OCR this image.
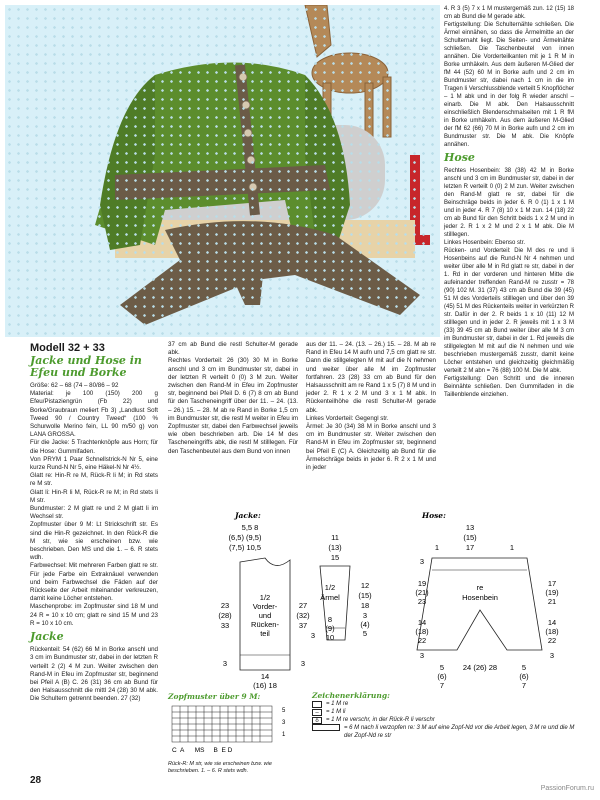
Modell 32 + 33
Jacke und Hose in
Efeu und Borke

Größe: 62 – 68 (74 – 80/86 – 92

Material: je 100 (150) 200 g Efeu/Pistaziengrün (Fb 22) und Borke/Graubraun meliert Fb 3) „Landlust Soft Tweed 90 / Country Tweed“ (100 % Schurwolle Merino fein, LL 90 m/50 g) von LANA GROSSA.

Für die Jacke: 5 Trachtenknöpfe aus Horn; für die Hose: Gummifaden.

Von PRYM 1 Paar Schnellstrick-N Nr 5, eine kurze Rund-N Nr 5, eine Häkel-N Nr 4½.

Glatt re: Hin-R re M, Rück-R li M; in Rd stets re M str.

Glatt li: Hin-R li M, Rück-R re M; in Rd stets li M str.

Bundmuster: 2 M glatt re und 2 M glatt li im Wechsel str.

Zopfmuster über 9 M: Lt Strickschrift str. Es sind die Hin-R gezeichnet. In den Rück-R die M str, wie sie erscheinen bzw. wie beschrieben. Den MS und die 1. – 6. R stets wdh.

Farbwechsel: Mit mehreren Farben glatt re str. Für jede Farbe ein Extraknäuel verwenden und beim Farbwechsel die Fäden auf der Rückseite der Arbeit miteinander verkreuzen, damit keine Löcher entstehen.

Maschenprobe: im Zopfmuster sind 18 M und 24 R = 10 x 10 cm; glatt re sind 15 M und 23 R = 10 x 10 cm.

Jacke

Rückenteil: 54 (62) 66 M in Borke anschl und 3 cm im Bundmuster str, dabei in der letzten R verteilt 2 (2) 4 M zun. Weiter zwischen den Rand-M in Efeu im Zopfmuster str, beginnend bei Pfeil A (B) C. 26 (31) 36 cm ab Bund für den Halsausschnitt die mittl 24 (28) 30 M abk. Die Schultern getrennt beenden. 27 (32)

37 cm ab Bund die restl Schulter-M gerade abk.

Rechtes Vorderteil: 26 (30) 30 M in Borke anschl und 3 cm im Bundmuster str, dabei in der letzten R verteilt 0 (0) 3 M zun. Weiter zwischen den Rand-M in Efeu im Zopfmuster str, beginnend bei Pfeil D. 6 (7) 8 cm ab Bund für den Tascheneingriff über der 11. – 24. (13. – 26.) 15. – 28. M ab re Rand in Borke 1,5 cm im Bundmuster str, die restl M weiter in Efeu im Zopfmuster str, dabei den Farbwechsel jeweils wie oben beschrieben arb. Die 14 M des Tascheneingriffs abk, die restl M stilllegen. Für den Taschenbeutel aus dem Bund von innen

aus der 11. – 24. (13. – 26.) 15. – 28. M ab re Rand in Efeu 14 M aufn und 7,5 cm glatt re str. Dann die stillgelegten M mit auf die N nehmen und weiter über alle M im Zopfmuster fortfahren. 23 (28) 33 cm ab Bund für den Halsausschnitt am re Rand 1 x 5 (7) 8 M und in jeder 2. R 1 x 2 M und 3 x 1 M abk. In Rückenteilhöhe die restl Schulter-M gerade abk.

Linkes Vorderteil: Gegengl str.

Ärmel: Je 30 (34) 38 M in Borke anschl und 3 cm im Bundmuster str. Weiter zwischen den Rand-M in Efeu im Zopfmuster str, beginnend bei Pfeil E (C) A. Gleichzeitig ab Bund für die Ärmelschräge beids in jeder 6. R 2 x 1 M und in jeder

4. R 3 (5) 7 x 1 M mustergemäß zun. 12 (15) 18 cm ab Bund die M gerade abk.

Fertigstellung: Die Schulternähte schließen. Die Ärmel einnähen, so dass die Ärmelmitte an der Schulternaht liegt. Die Seiten- und Ärmelnähte schließen. Die Taschenbeutel von innen annähen. Die Vorderteilkanten mit je 1 R M in Borke umhäkeln. Aus dem äußeren M-Glied der fM 44 (52) 60 M in Borke aufn und 2 cm im Bundmuster str, dabei nach 1 cm in die im Tragen li Verschlussblende verteilt 5 Knopflöcher – 1 M abk und in der folg R wieder anschl – einarb. Die M abk. Den Halsausschnitt einschließlich Blendenschmalseiten mit 1 R fM in Borke umhäkeln. Aus dem äußeren M-Glied der fM 62 (66) 70 M in Borke aufn und 2 cm im Bundmuster str. Die M abk. Die Knöpfe annähen.

Hose

Rechtes Hosenbein: 38 (38) 42 M in Borke anschl und 3 cm im Bundmuster str, dabei in der letzten R verteilt 0 (0) 2 M zun. Weiter zwischen den Rand-M glatt re str, dabei für die Beinschräge beids in jeder 6. R 0 (1) 1 x 1 M und in jeder 4. R 7 (8) 10 x 1 M zun. 14 (18) 22 cm ab Bund für den Schritt beids 1 x 2 M und in jeder 2. R 1 x 2 M und 2 x 1 M abk. Die M stilllegen.

Linkes Hosenbein: Ebenso str.

Rücken- und Vorderteil: Die M des re und li Hosenbeins auf die Rund-N Nr 4 nehmen und weiter über alle M in Rd glatt re str, dabei in der 1. Rd in der vorderen und hinteren Mitte die aufeinander treffenden Rand-M re zusstr = 78 (90) 102 M. 31 (37) 43 cm ab Bund die 39 (45) 51 M des Vorderteils stilllegen und über den 39 (45) 51 M des Rückenteils weiter in verkürzten R str. Dafür in der 2. R beids 1 x 10 (11) 12 M stilllegen und in jeder 2. R jeweils mit 1 x 3 M (33) 39 45 cm ab Bund weiter über alle M 3 cm im Bundmuster str, dabei in der 1. Rd jeweils die stillgelegten M mit auf die N nehmen und wie beschrieben mustergemäß zusstr, damit keine Löcher entstehen und gleichzeitig gleichmäßig verteilt 2 M abn = 76 (88) 100 M. Die M abk.

Fertigstellung: Den Schritt und die inneren Beinnähte schließen. Den Gummifaden in die Taillenblende einziehen.

Jacke:
5,5 8
(6,5) (9,5)
(7,5) 10,5
1/2
Vorder-
und
Rücken-
teil
23
(28)
33
27
(32)
37
3
14
(16) 18
11
(13)
15
1/2
Ärmel
12
(15)
18
3
(4)
5
8
(9)
10
3
3
Hose:
13
(15)
17
1	1
re
Hosenbein
19
(21)
23
17
(19)
21
14
(18)
22
14
(18)
22
3
3	3
24 (26) 28
5
(6)
7
5
(6)
7
Zopfmuster über 9 M:
5
3
1
C  A      MS     B  E D
Rück-R: M str, wie sie erscheinen bzw. wie beschrieben. 1. – 6. R stets wdh.
Zeichenerklärung:
= 1 M re
–	= 1 M li
δ	= 1 M re verschr, in der Rück-R li verschr
= 6 M nach li verzopfen re: 3 M auf eine Zopf-Nd vor die Arbeit legen, 3 M re und die M der Zopf-Nd re str
28
PassionForum.ru
